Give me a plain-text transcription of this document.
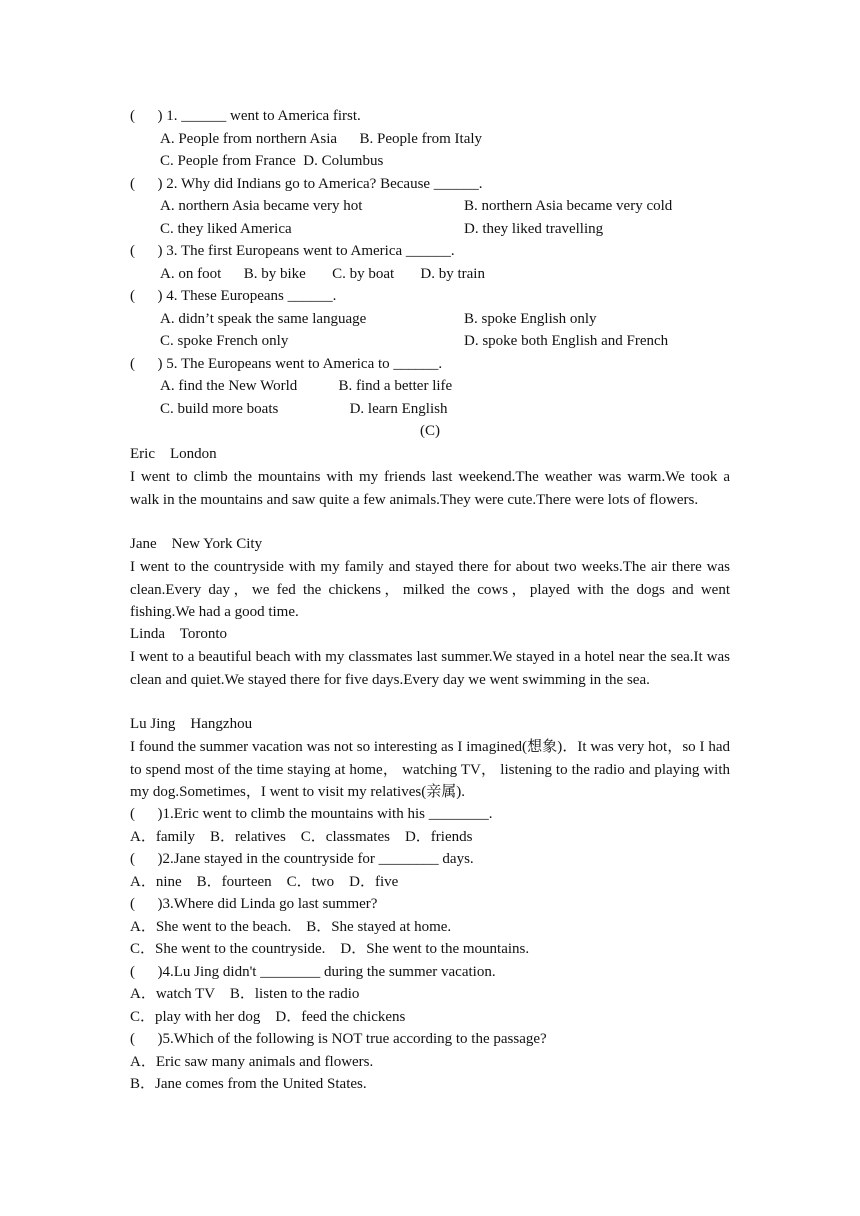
(      ) 1. ______ went to America first.
A. People from northern Asia      B. People from Italy
C. People from France  D. Columbus
(      ) 2. Why did Indians go to America? Because ______.
A. northern Asia became very hot	B. northern Asia became very cold
C. they liked America	D. they liked travelling
(      ) 3. The first Europeans went to America ______.
A. on foot      B. by bike       C. by boat       D. by train
(      ) 4. These Europeans ______.
A. didn’t speak the same language	B. spoke English only
C. spoke French only	D. spoke both English and French
(      ) 5. The Europeans went to America to ______.
A. find the New World           B. find a better life
C. build more boats                   D. learn English
(C)
Eric    London
I went to climb the mountains with my friends last weekend.The weather was warm.We took a walk in the mountains and saw quite a few animals.They were cute.There were lots of flowers.
Jane    New York City
I went to the countryside with my family and stayed there for about two weeks.The air there was clean.Every day，we fed the chickens，milked the cows，played with the dogs and went fishing.We had a good time.
Linda    Toronto
I went to a beautiful beach with my classmates last summer.We stayed in a hotel near the sea.It was clean and quiet.We stayed there for five days.Every day we went swimming in the sea.
Lu Jing    Hangzhou
I found the summer vacation was not so interesting as I imagined(想象)．It was very hot，so I had to spend most of the time staying at home， watching TV， listening to the radio and playing with my dog.Sometimes，I went to visit my relatives(亲属).
(      )1.Eric went to climb the mountains with his ________.
A．family    B．relatives    C．classmates    D．friends
(      )2.Jane stayed in the countryside for ________ days.
A．nine    B．fourteen    C．two    D．five
(      )3.Where did Linda go last summer?
A．She went to the beach.    B．She stayed at home.
C．She went to the countryside.    D．She went to the mountains.
(      )4.Lu Jing didn't ________ during the summer vacation.
A．watch TV    B．listen to the radio
C．play with her dog    D．feed the chickens
(      )5.Which of the following is NOT true according to the passage?
A．Eric saw many animals and flowers.
B．Jane comes from the United States.
